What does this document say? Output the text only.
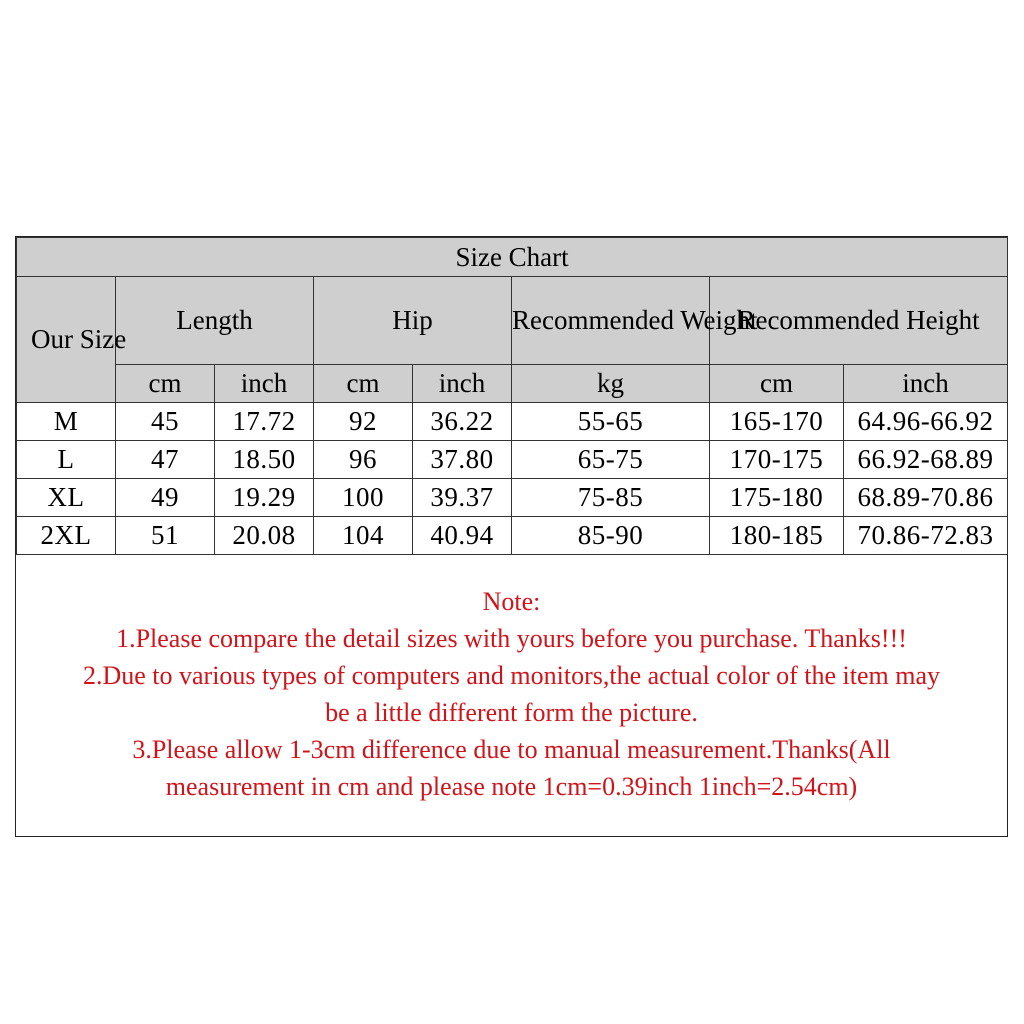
Size Chart							
Our Size	Length		Hip		Recommended Weight	Recommended Height	
	cm	inch	cm	inch	kg	cm	inch
M	45	17.72	92	36.22	55-65	165-170	64.96-66.92
L	47	18.50	96	37.80	65-75	170-175	66.92-68.89
XL	49	19.29	100	39.37	75-85	175-180	68.89-70.86
2XL	51	20.08	104	40.94	85-90	180-185	70.86-72.83
Note:
1.Please compare the detail sizes with yours before you purchase. Thanks!!!
2.Due to various types of computers and monitors,the actual color of the item may
be a little different form the picture.
3.Please allow 1-3cm difference due to manual measurement.Thanks(All
measurement in cm and please note 1cm=0.39inch 1inch=2.54cm)
